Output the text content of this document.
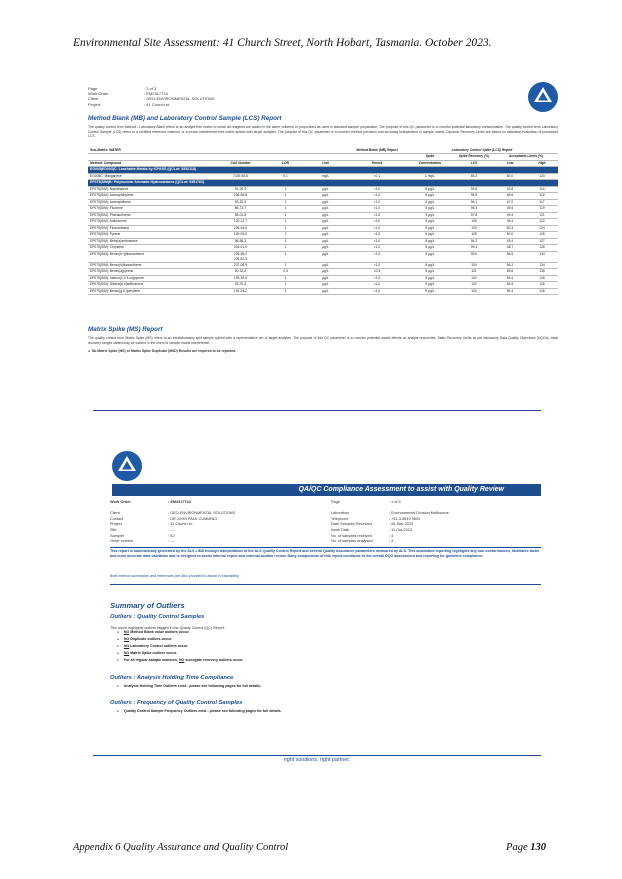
Environmental Site Assessment: 41 Church Street, North Hobart, Tasmania. October 2023.
Page	: 3 of 3
Work Order	: EM2317724
Client	: GEO-ENVIRONMENTAL SOLUTIONS
Project	: 41 Church st.
Method Blank (MB) and Laboratory Control Sample (LCS) Report
The quality control term Method / Laboratory Blank refers to an analyte free matrix to which all reagents are added in the same volumes or proportions as used in standard sample preparation. The purpose of this QC parameter is to monitor potential laboratory contamination. The quality control term Laboratory Control Sample (LCS) refers to a certified reference material, or a known interference free matrix spiked with target analytes. The purpose of this QC parameter is to monitor method precision and accuracy independent of sample matrix. Dynamic Recovery Limits are based on statistical evaluation of processed LCS.
Sub-Matrix: WATER				Method Blank (MB) Report	Laboratory Control Spike (LCS) Report			
					Spike	Spike Recovery (%)	Acceptable Limits (%)	
Method: Compound	CAS Number	LOR	Unit	Result	Concentration	LCS	Low	High
EG005(ED093)C: Leachable Metals by ICPAES (QCLot: 5352118)								
EG005C: Manganese	7439-96-5	0.1	mg/L	<0.1	1 mg/L	85.2	80.0	120
EP075(SIM)B: Polynuclear Aromatic Hydrocarbons (QCLot: 5351763)								
EP075(SIM): Naphthalene	91-20-3	1	µg/L	<1.0	5 µg/L	93.6	42.8	114
EP075(SIM): Acenaphthylene	208-96-8	1	µg/L	<1.0	5 µg/L	95.9	48.6	119
EP075(SIM): Acenaphthene	83-32-9	1	µg/L	<1.0	5 µg/L	96.1	47.0	117
EP075(SIM): Fluorene	86-73-7	1	µg/L	<1.0	5 µg/L	95.3	49.5	119
EP075(SIM): Phenanthrene	85-01-8	1	µg/L	<1.0	5 µg/L	97.8	49.4	121
EP075(SIM): Anthracene	120-12-7	1	µg/L	<1.0	5 µg/L	105	48.4	122
EP075(SIM): Fluoranthene	206-44-0	1	µg/L	<1.0	5 µg/L	103	50.3	124
EP075(SIM): Pyrene	129-00-0	1	µg/L	<1.0	5 µg/L	105	50.0	126
EP075(SIM): Benz(a)anthracene	56-55-3	1	µg/L	<1.0	5 µg/L	94.2	49.4	127
EP075(SIM): Chrysene	218-01-9	1	µg/L	<1.0	5 µg/L	99.1	48.7	126
EP075(SIM): Benzo(b+j)fluoranthene	205-99-2
205-82-3	1	µg/L	<1.0	5 µg/L	99.0	54.5	134
EP075(SIM): Benzo(k)fluoranthene	207-08-9	1	µg/L	<1.0	5 µg/L	104	56.1	134
EP075(SIM): Benzo(a)pyrene	50-32-8	0.5	µg/L	<0.5	5 µg/L	101	55.6	135
EP075(SIM): Indeno(1.2.3.cd)pyrene	193-39-5	1	µg/L	<1.0	5 µg/L	102	54.4	126
EP075(SIM): Dibenz(a.h)anthracene	53-70-3	1	µg/L	<1.0	5 µg/L	102	54.5	126
EP075(SIM): Benzo(g.h.i)perylene	191-24-2	1	µg/L	<1.0	5 µg/L	102	54.4	126
Matrix Spike (MS) Report
The quality control term Matrix Spike (MS) refers to an intralaboratory split sample spiked with a representative set of target analytes. The purpose of this QC parameter is to monitor potential matrix effects on analyte recoveries. Static Recovery Limits as per laboratory Data Quality Objectives (DQOs). Ideal recovery ranges stated may be waived in the event of sample matrix interference.
● No Matrix Spike (MS) or Matrix Spike Duplicate (MSD) Results are required to be reported.
QA/QC Compliance Assessment to assist with Quality Review
Work Order	: EM2317724
Client	: GEO-ENVIRONMENTAL SOLUTIONS
Contact	: DR JOHN PAUL CUMMING
Project	: 41 Church st.
Site	: ----
Sampler	: SJ
Order number	: ----
Page	: 1 of 5
Laboratory	: Environmental Division Melbourne
Telephone	: +61-3-8549 9600
Date Samples Received	: 26-Sep-2023
Issue Date	: 11-Oct-2023
No. of samples received	: 4
No. of samples analysed	: 4
This report is automatically generated by the ALS LIMS through interpretation of the ALS Quality Control Report and several Quality Assurance parameters measured by ALS. This automated reporting highlights any non-conformances, facilitates faster and more accurate data validation and is designed to assist internal expert and external Auditor review. Many components of this report contribute to the overall DQO assessment and reporting for guideline compliance.
Brief method summaries and references are also provided to assist in traceability.
Summary of Outliers
Outliers : Quality Control Samples
This report highlights outliers flagged in the Quality Control (QC) Report.
● NO Method Blank value outliers occur.
● NO Duplicate outliers occur.
● NO Laboratory Control outliers occur.
● NO Matrix Spike outliers occur.
● For all regular sample matrices, NO surrogate recovery outliers occur.
Outliers : Analysis Holding Time Compliance
● Analysis Holding Time Outliers exist - please see following pages for full details.
Outliers : Frequency of Quality Control Samples
● Quality Control Sample Frequency Outliers exist - please see following pages for full details.
right solutions. right partner.
Appendix 6 Quality Assurance and Quality Control	Page 130
